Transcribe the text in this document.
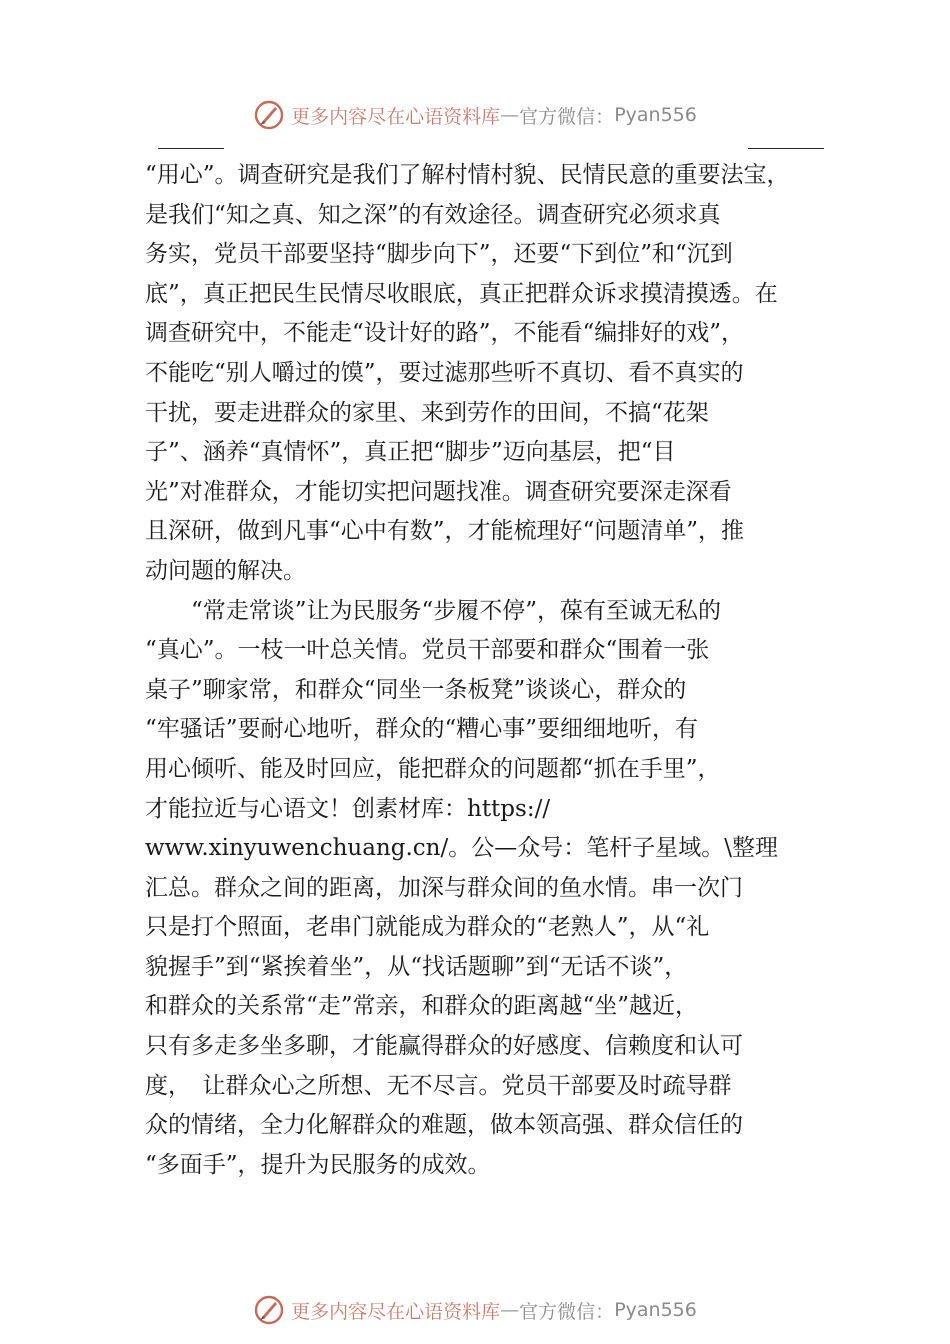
更多内容尽在心语资料库 — 官方微信： Pyan556
“用心”。调查研究是我们了解村情村貌、民情民意的重要法宝，
是我们“知之真、知之深”的有效途径。调查研究必须求真
务实，党员干部要坚持“脚步向下”，还要“下到位”和“沉到
底”，真正把民生民情尽收眼底，真正把群众诉求摸清摸透。在
调查研究中，不能走“设计好的路”，不能看“编排好的戏”，
不能吃“别人嚼过的馍”，要过滤那些听不真切、看不真实的
干扰，要走进群众的家里、来到劳作的田间，不搞“花架
子”、涵养“真情怀”，真正把“脚步”迈向基层，把“目
光”对准群众，才能切实把问题找准。调查研究要深走深看
且深研，做到凡事“心中有数”，才能梳理好“问题清单”，推
动问题的解决。
　　“常走常谈”让为民服务“步履不停”，葆有至诚无私的
“真心”。一枝一叶总关情。党员干部要和群众“围着一张
桌子”聊家常，和群众“同坐一条板凳”谈谈心，群众的
“牢骚话”要耐心地听，群众的“糟心事”要细细地听，有
用心倾听、能及时回应，能把群众的问题都“抓在手里”，
才能拉近与心语文！创素材库：https://
www.xinyuwenchuang.cn/。公—众号：笔杆子星域。\整理
汇总。群众之间的距离，加深与群众间的鱼水情。串一次门
只是打个照面，老串门就能成为群众的“老熟人”，从“礼
貌握手”到“紧挨着坐”，从“找话题聊”到“无话不谈”，
和群众的关系常“走”常亲，和群众的距离越“坐”越近，
只有多走多坐多聊，才能赢得群众的好感度、信赖度和认可
度，　让群众心之所想、无不尽言。党员干部要及时疏导群
众的情绪，全力化解群众的难题，做本领高强、群众信任的
“多面手”，提升为民服务的成效。
更多内容尽在心语资料库 — 官方微信： Pyan556
